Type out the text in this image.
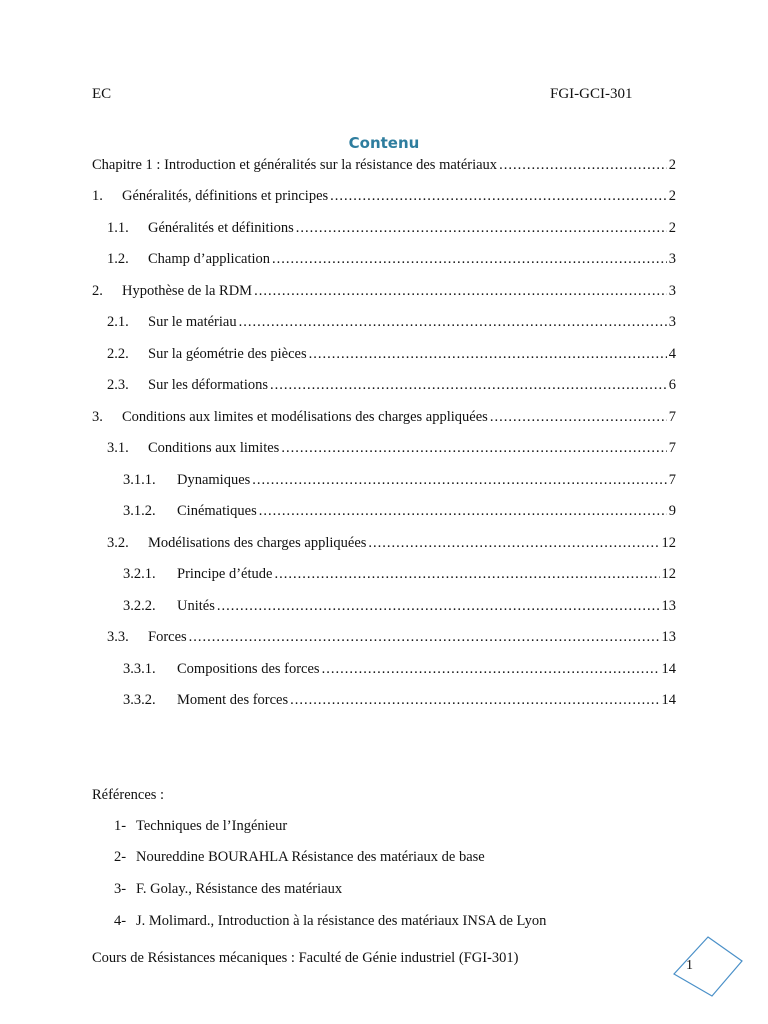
EC	FGI-GCI-301
Contenu
Chapitre 1 : Introduction et généralités sur la résistance des matériaux .....	2
1.	Généralités, définitions et principes .....	2
1.1.	Généralités et définitions .....	2
1.2.	Champ d’application .....	3
2.	Hypothèse de la RDM .....	3
2.1.	Sur le matériau .....	3
2.2.	Sur la géométrie des pièces .....	4
2.3.	Sur les déformations .....	6
3.	Conditions aux limites et modélisations des charges appliquées .....	7
3.1.	Conditions aux limites .....	7
3.1.1.	Dynamiques .....	7
3.1.2.	Cinématiques .....	9
3.2.	Modélisations des charges appliquées .....	12
3.2.1.	Principe d’étude .....	12
3.2.2.	Unités .....	13
3.3.	Forces .....	13
3.3.1.	Compositions des forces .....	14
3.3.2.	Moment des forces .....	14
Références :
1- Techniques de l’Ingénieur
2- Noureddine BOURAHLA Résistance des matériaux de base
3- F. Golay., Résistance des matériaux
4- J. Molimard., Introduction à la résistance des matériaux INSA de Lyon
Cours de Résistances mécaniques : Faculté de Génie industriel (FGI-301)	1
